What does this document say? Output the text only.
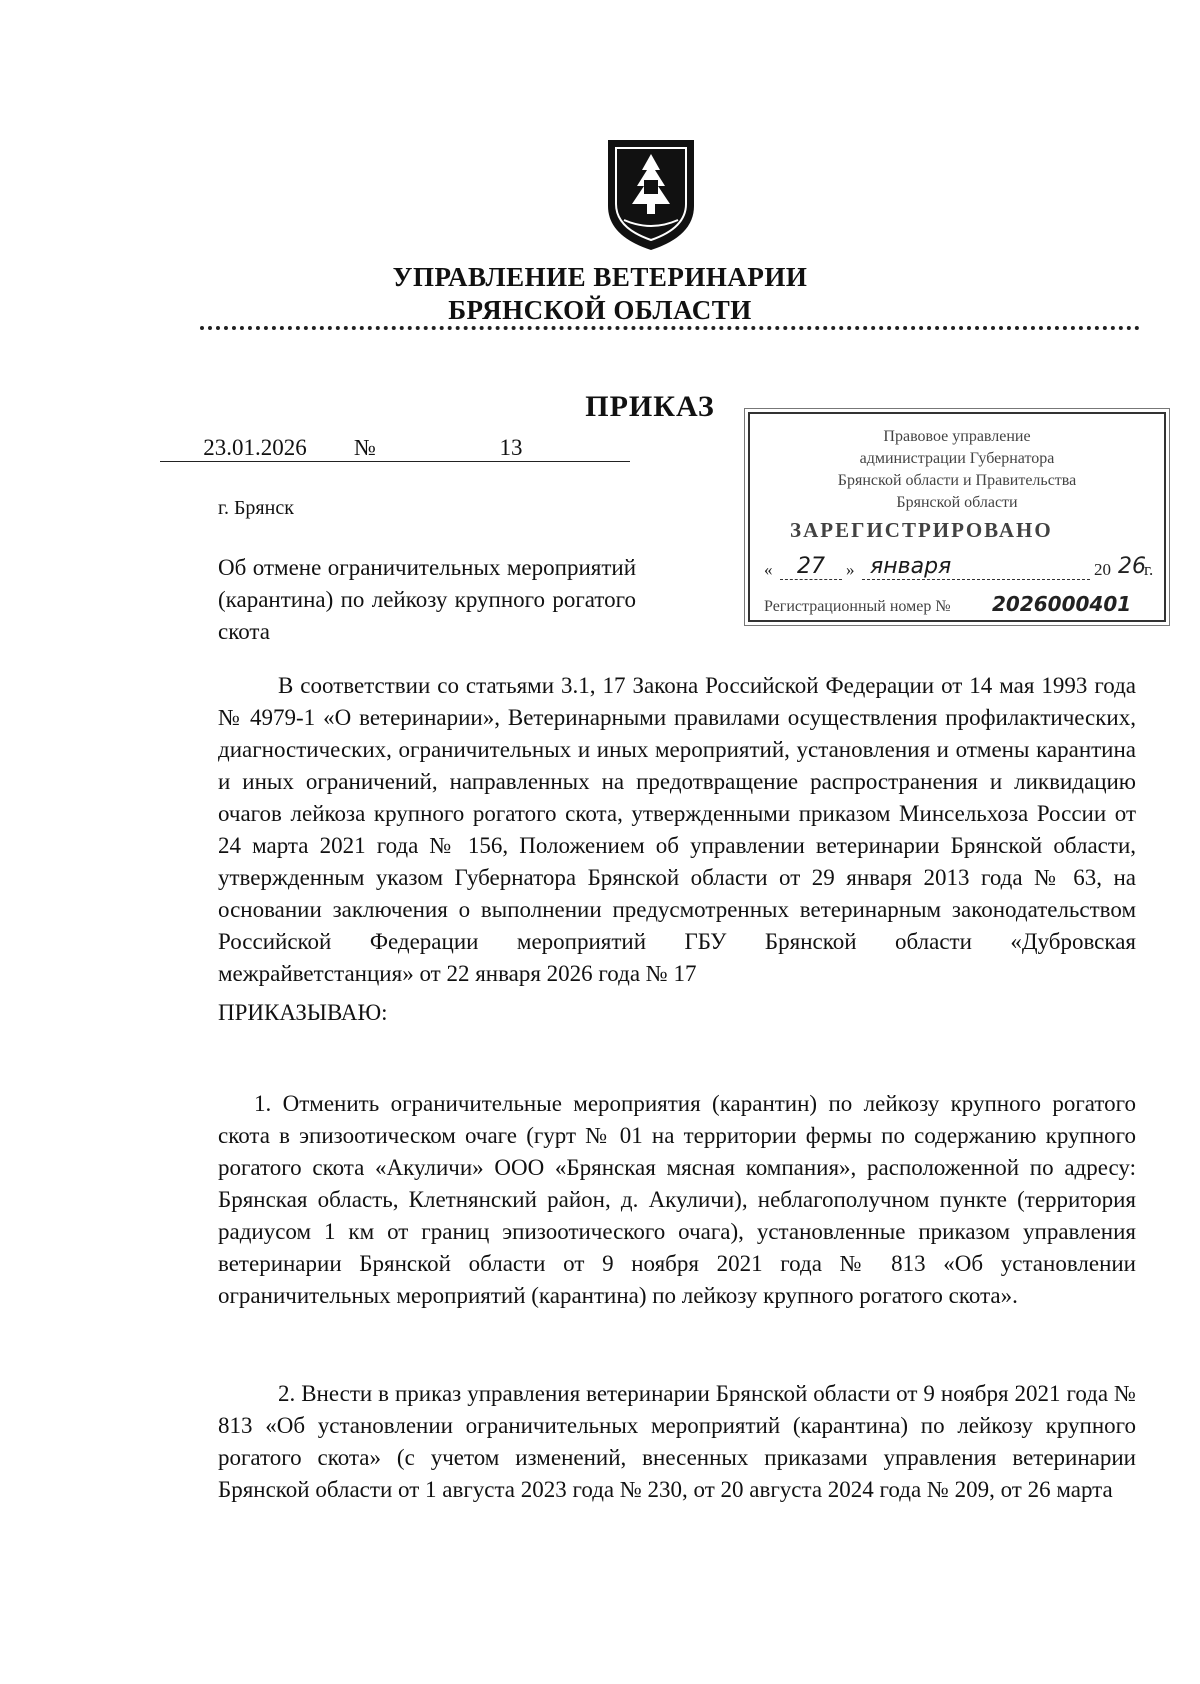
УПРАВЛЕНИЕ ВЕТЕРИНАРИИ
БРЯНСКОЙ ОБЛАСТИ
ПРИКАЗ
23.01.2026	№	13
г. Брянск
Об отмене ограничительных мероприятий (карантина) по лейкозу крупного рогатого скота
Правовое управление
администрации Губернатора
Брянской области и Правительства
Брянской области
ЗАРЕГИСТРИРОВАНО
«	27	» января	20 26
г.
Регистрационный номер № 2026000401
В соответствии со статьями 3.1, 17 Закона Российской Федерации от 14 мая 1993 года № 4979-1 «О ветеринарии», Ветеринарными правилами осуществления профилактических, диагностических, ограничительных и иных мероприятий, установления и отмены карантина и иных ограничений, направленных на предотвращение распространения и ликвидацию очагов лейкоза крупного рогатого скота, утвержденными приказом Минсельхоза России от 24 марта 2021 года № 156, Положением об управлении ветеринарии Брянской области, утвержденным указом Губернатора Брянской области от 29 января 2013 года № 63, на основании заключения о выполнении предусмотренных ветеринарным законодательством Российской Федерации мероприятий ГБУ Брянской области «Дубровская межрайветстанция» от 22 января 2026 года № 17
ПРИКАЗЫВАЮ:
1. Отменить ограничительные мероприятия (карантин) по лейкозу крупного рогатого скота в эпизоотическом очаге (гурт № 01 на территории фермы по содержанию крупного рогатого скота «Акуличи» ООО «Брянская мясная компания», расположенной по адресу: Брянская область, Клетнянский район, д. Акуличи), неблагополучном пункте (территория радиусом 1 км от границ эпизоотического очага), установленные приказом управления ветеринарии Брянской области от 9 ноября 2021 года № 813 «Об установлении ограничительных мероприятий (карантина) по лейкозу крупного рогатого скота».
2. Внести в приказ управления ветеринарии Брянской области от 9 ноября 2021 года № 813 «Об установлении ограничительных мероприятий (карантина) по лейкозу крупного рогатого скота» (с учетом изменений, внесенных приказами управления ветеринарии Брянской области от 1 августа 2023 года № 230, от 20 августа 2024 года № 209, от 26 марта
